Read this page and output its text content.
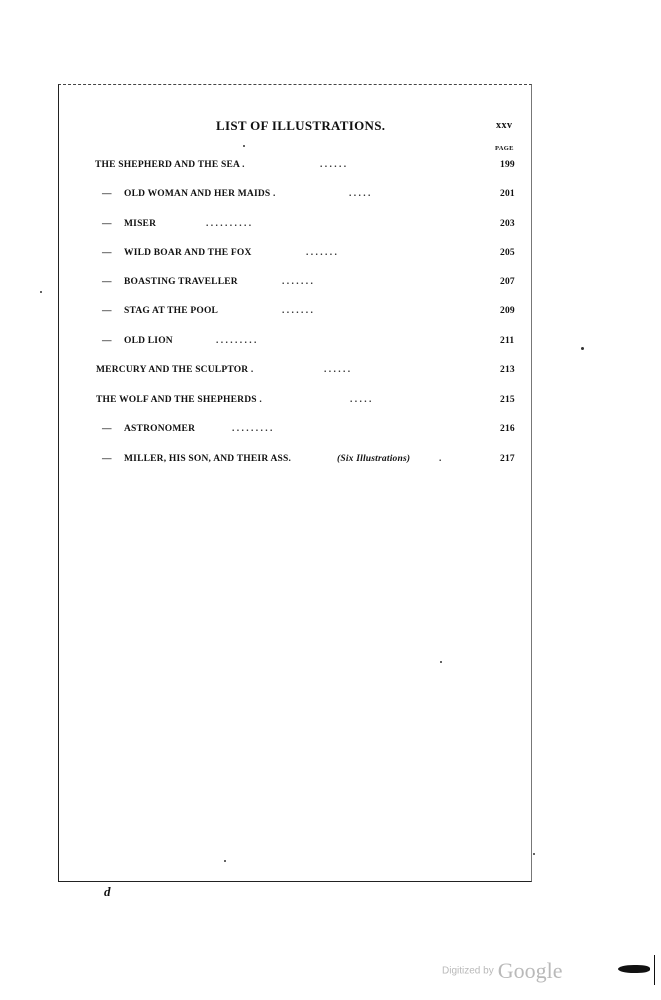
LIST OF ILLUSTRATIONS.	xxv
PAGE
THE SHEPHERD AND THE SEA .	. . . . . .	199
— OLD WOMAN AND HER MAIDS .	. . . . .	201
— MISER	. . . . . . . . . .	203
— WILD BOAR AND THE FOX	. . . . . . .	205
— BOASTING TRAVELLER	. . . . . . .	207
— STAG AT THE POOL	. . . . . . .	209
— OLD LION	. . . . . . . . .	211
MERCURY AND THE SCULPTOR .	. . . . . .	213
THE WOLF AND THE SHEPHERDS .	. . . . .	215
— ASTRONOMER	. . . . . . . . .	216
— MILLER, HIS SON, AND THEIR ASS.	(Six Illustrations)	.	217
d
Digitized by Google
